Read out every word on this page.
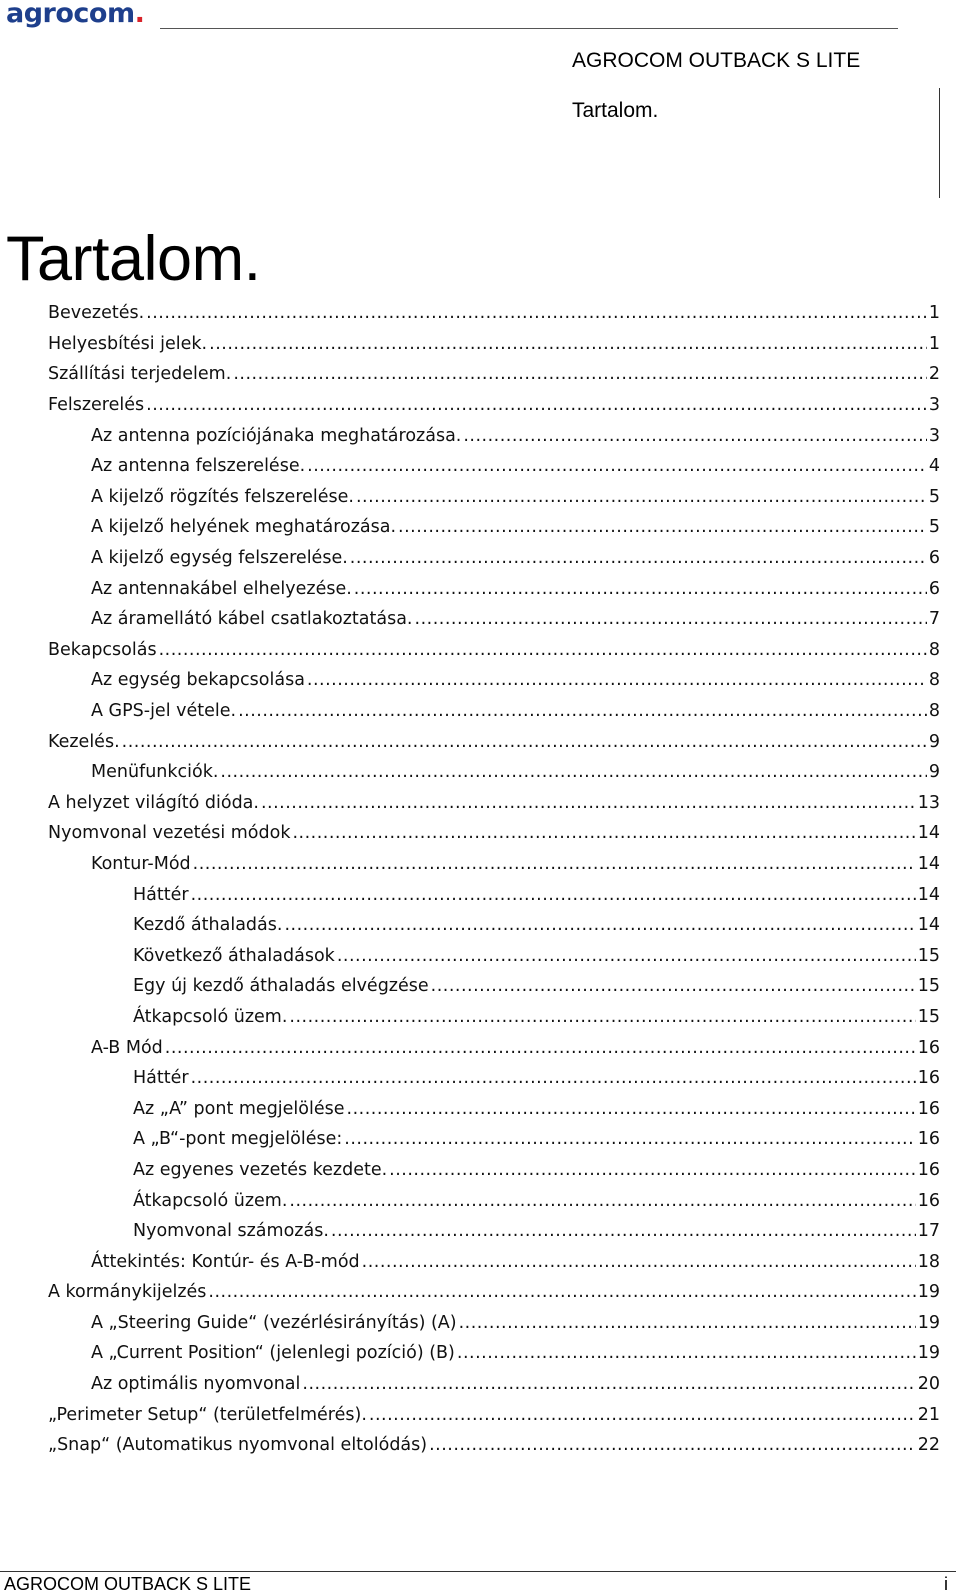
agrocom.
AGROCOM OUTBACK S LITE
Tartalom.
Tartalom.
Bevezetés. .....	1
Helyesbítési jelek. .....	1
Szállítási terjedelem. .....	2
Felszerelés .....	3
Az antenna pozíciójánaka meghatározása. .....	3
Az antenna felszerelése. .....	4
A kijelző rögzítés felszerelése. .....	5
A kijelző helyének meghatározása. .....	5
A kijelző egység felszerelése. .....	6
Az antennakábel elhelyezése. .....	6
Az áramellátó kábel csatlakoztatása. .....	7
Bekapcsolás .....	8
Az egység bekapcsolása .....	8
A GPS-jel vétele. .....	8
Kezelés. .....	9
Menüfunkciók. .....	9
A helyzet világító dióda. .....	13
Nyomvonal vezetési módok .....	14
Kontur-Mód .....	14
Háttér .....	14
Kezdő áthaladás. .....	14
Következő áthaladások .....	15
Egy új kezdő áthaladás elvégzése .....	15
Átkapcsoló üzem. .....	15
A-B Mód .....	16
Háttér .....	16
Az „A” pont megjelölése .....	16
A „B“-pont megjelölése: .....	16
Az egyenes vezetés kezdete. .....	16
Átkapcsoló üzem. .....	16
Nyomvonal számozás. .....	17
Áttekintés: Kontúr- és A-B-mód .....	18
A kormánykijelzés .....	19
A „Steering Guide“ (vezérlésirányítás) (A) .....	19
A „Current Position“ (jelenlegi pozíció) (B) .....	19
Az optimális nyomvonal .....	20
„Perimeter Setup“ (területfelmérés). .....	21
„Snap“ (Automatikus nyomvonal eltolódás) .....	22
AGROCOM OUTBACK S LITE	i
